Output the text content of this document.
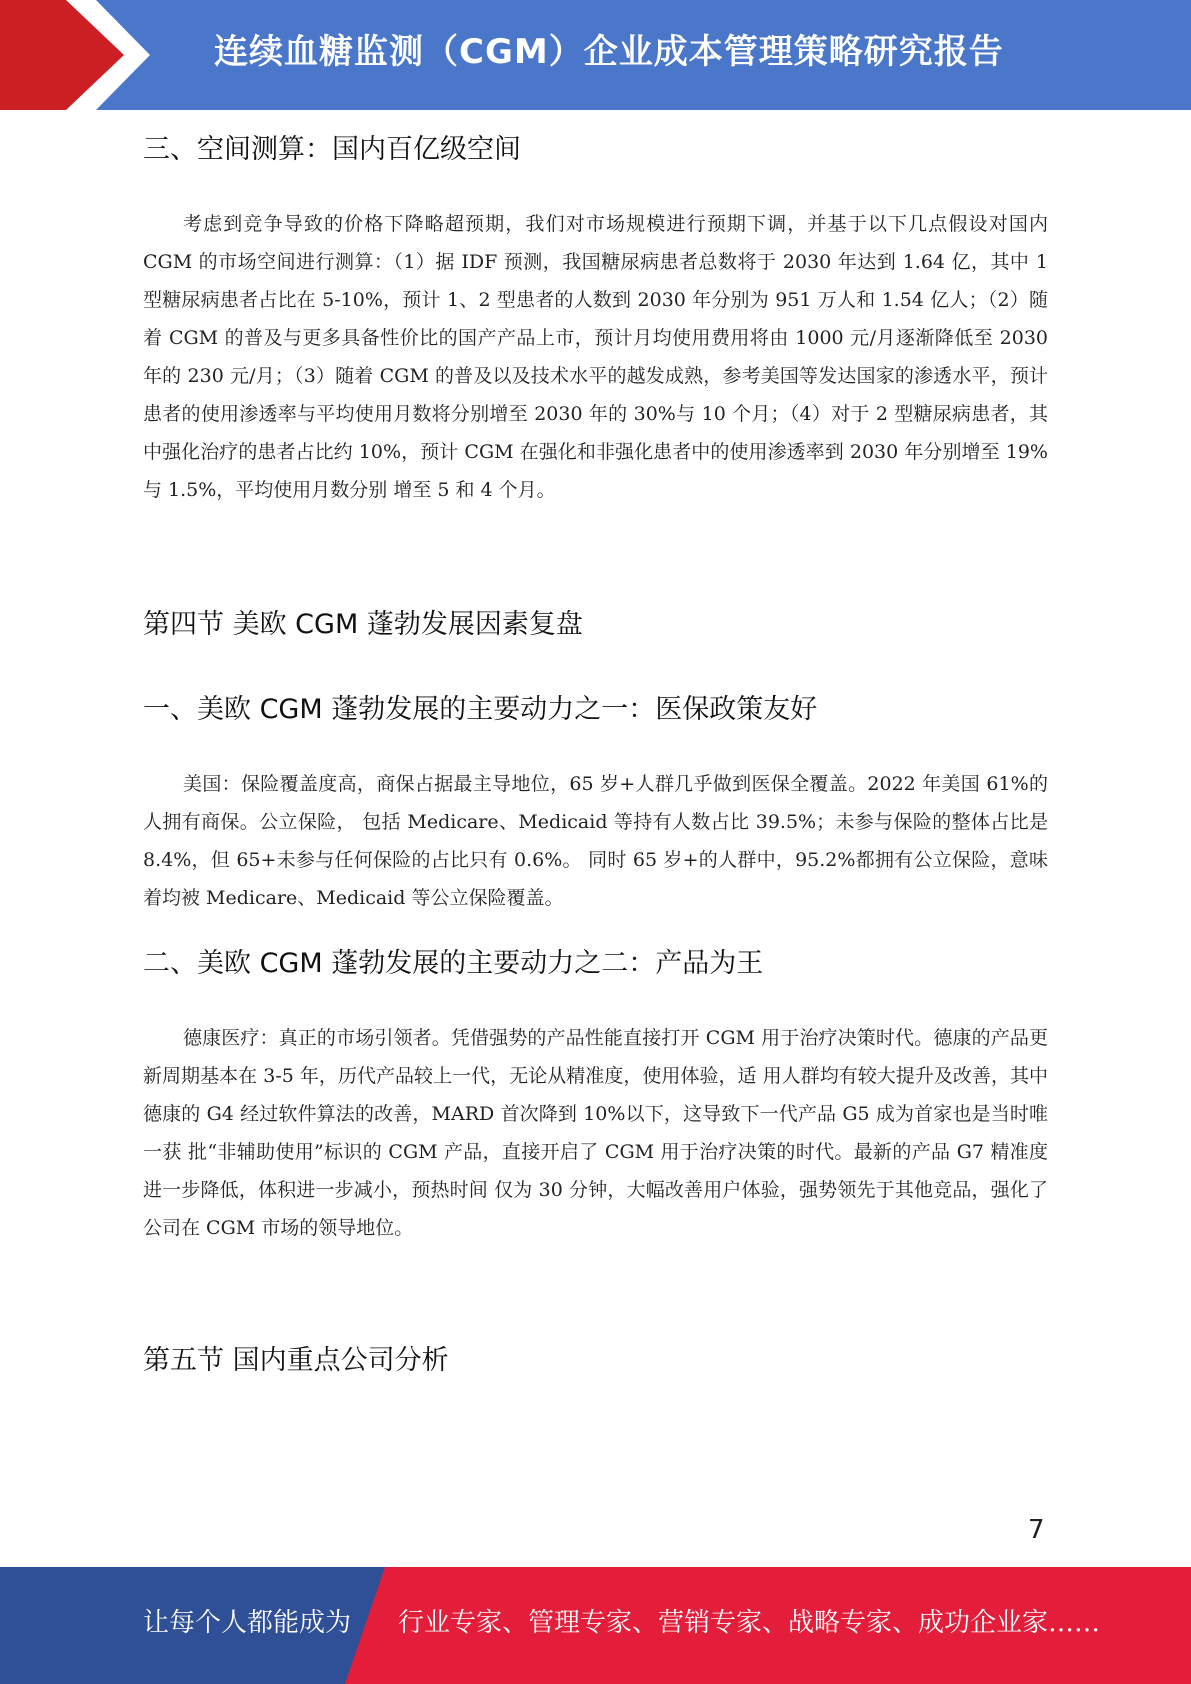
连续血糖监测（CGM）企业成本管理策略研究报告
三、空间测算：国内百亿级空间

考虑到竞争导致的价格下降略超预期，我们对市场规模进行预期下调，并基于以下几点假设对国内 CGM 的市场空间进行测算：（1）据 IDF 预测，我国糖尿病患者总数将于 2030 年达到 1.64 亿，其中 1 型糖尿病患者占比在 5-10%，预计 1、2 型患者的人数到 2030 年分别为 951 万人和 1.54 亿人；（2）随着 CGM 的普及与更多具备性价比的国产产品上市，预计月均使用费用将由 1000 元/月逐渐降低至 2030 年的 230 元/月；（3）随着 CGM 的普及以及技术水平的越发成熟，参考美国等发达国家的渗透水平，预计患者的使用渗透率与平均使用月数将分别增至 2030 年的 30%与 10 个月；（4）对于 2 型糖尿病患者，其中强化治疗的患者占比约 10%，预计 CGM 在强化和非强化患者中的使用渗透率到 2030 年分别增至 19%与 1.5%，平均使用月数分别 增至 5 和 4 个月。

第四节 美欧 CGM 蓬勃发展因素复盘
一、美欧 CGM 蓬勃发展的主要动力之一：医保政策友好

美国：保险覆盖度高，商保占据最主导地位，65 岁+人群几乎做到医保全覆盖。2022 年美国 61%的人拥有商保。公立保险， 包括 Medicare、Medicaid 等持有人数占比 39.5%；未参与保险的整体占比是 8.4%，但 65+未参与任何保险的占比只有 0.6%。 同时 65 岁+的人群中，95.2%都拥有公立保险，意味着均被 Medicare、Medicaid 等公立保险覆盖。

二、美欧 CGM 蓬勃发展的主要动力之二：产品为王

德康医疗：真正的市场引领者。凭借强势的产品性能直接打开 CGM 用于治疗决策时代。德康的产品更新周期基本在 3-5 年，历代产品较上一代，无论从精准度，使用体验，适 用人群均有较大提升及改善，其中德康的 G4 经过软件算法的改善，MARD 首次降到 10%以下，这导致下一代产品 G5 成为首家也是当时唯一获 批“非辅助使用”标识的 CGM 产品，直接开启了 CGM 用于治疗决策的时代。最新的产品 G7 精准度进一步降低，体积进一步减小，预热时间 仅为 30 分钟，大幅改善用户体验，强势领先于其他竞品，强化了公司在 CGM 市场的领导地位。

第五节 国内重点公司分析
7
让每个人都能成为 行业专家、管理专家、营销专家、战略专家、成功企业家……
